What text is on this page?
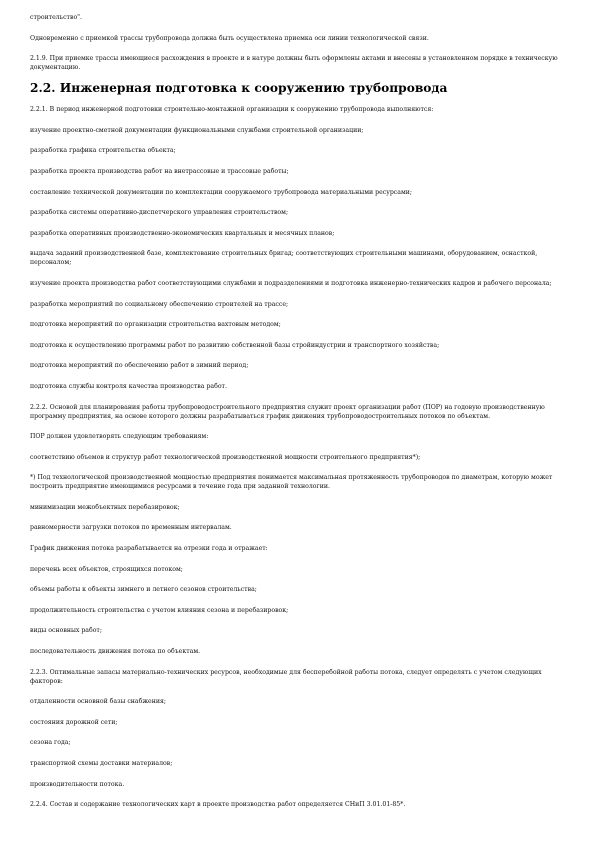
строительство".

Одновременно с приемкой трассы трубопровода должна быть осуществлена приемка оси линии технологической связи.

2.1.9. При приемке трассы имеющиеся расхождения в проекте и в натуре должны быть оформлены актами и внесены в установленном порядке в техническую документацию.

2.2. Инженерная подготовка к сооружению трубопровода

2.2.1. В период инженерной подготовки строительно-монтажной организации к сооружению трубопровода выполняются:

изучение проектно-сметной документации функциональными службами строительной организации;

разработка графика строительства объекта;

разработка проекта производства работ на внетрассовые и трассовые работы;

составление технической документации по комплектации сооружаемого трубопровода материальными ресурсами;

разработка системы оперативно-диспетчерского управления строительством;

разработка оперативных производственно-экономических квартальных и месячных планов;

выдача заданий производственной базе, комплектование строительных бригад; соответствующих строительными машинами, оборудованием, оснасткой, персоналом;

изучение проекта производства работ соответствующими службами и подразделениями и подготовка инженерно-технических кадров и рабочего персонала;

разработка мероприятий по социальному обеспечению строителей на трассе;

подготовка мероприятий по организации строительства вахтовым методом;

подготовка к осуществлению программы работ по развитию собственной базы стройиндустрии и транспортного хозяйства;

подготовка мероприятий по обеспечению работ в зимний период;

подготовка службы контроля качества производства работ.

2.2.2. Основой для планирования работы трубопроводостроительного предприятия служит проект организации работ (ПОР) на годовую производственную программу предприятия, на основе которого должны разрабатываться график движения трубопроводостроительных потоков по объектам.

ПОР должен удовлетворять следующим требованиям:

соответствию объемов и структур работ технологической производственной мощности строительного предприятия*);

*) Под технологической производственной мощностью предприятия понимается максимальная протяженность трубопроводов по диаметрам, которую может построить предприятие имеющимися ресурсами в течение года при заданной технологии.

минимизации межобъектных перебазировок;

равномерности загрузки потоков по временным интервалам.

График движения потока разрабатывается на отрезки года и отражает:

перечень всех объектов, строящихся потоком;

объемы работы к объекты зимнего и летнего сезонов строительства;

продолжительность строительства с учетом влияния сезона и перебазировок;

виды основных работ;

последовательность движения потока по объектам.

2.2.3. Оптимальные запасы материально-технических ресурсов, необходимые для бесперебойной работы потока, следует определять с учетом следующих факторов:

отдаленности основной базы снабжения;

состояния дорожной сети;

сезона года;

транспортной схемы доставки материалов;

производительности потока.

2.2.4. Состав и содержание технологических карт в проекте производства работ определяется СНиП 3.01.01-85*.
